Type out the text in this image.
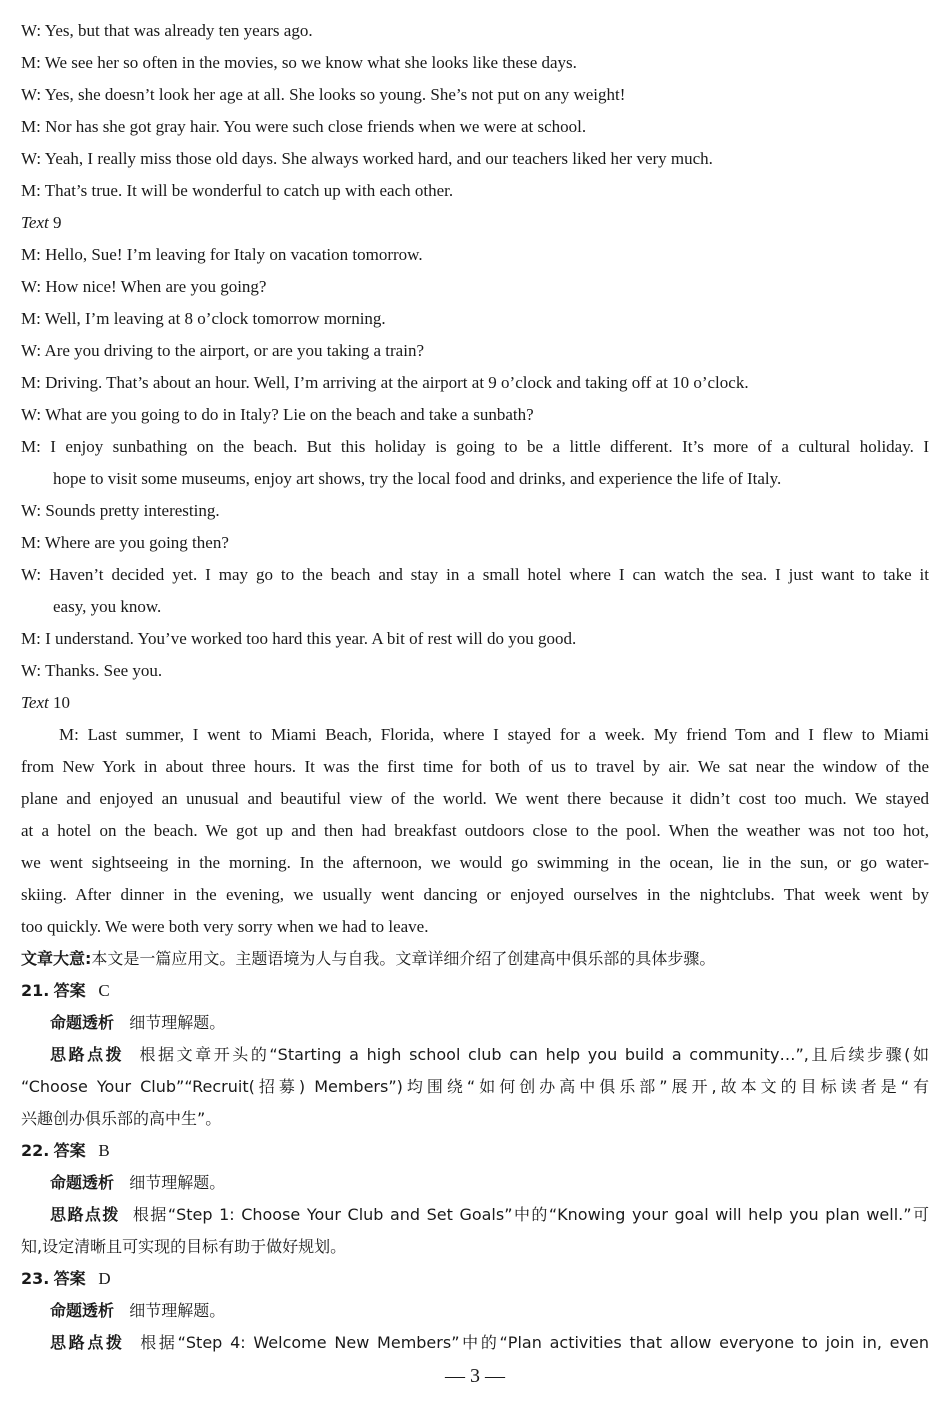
W: Yes, but that was already ten years ago.
M: We see her so often in the movies, so we know what she looks like these days.
W: Yes, she doesn’t look her age at all. She looks so young. She’s not put on any weight!
M: Nor has she got gray hair. You were such close friends when we were at school.
W: Yeah, I really miss those old days. She always worked hard, and our teachers liked her very much.
M: That’s true. It will be wonderful to catch up with each other.
Text 9
M: Hello, Sue! I’m leaving for Italy on vacation tomorrow.
W: How nice! When are you going?
M: Well, I’m leaving at 8 o’clock tomorrow morning.
W: Are you driving to the airport, or are you taking a train?
M: Driving. That’s about an hour. Well, I’m arriving at the airport at 9 o’clock and taking off at 10 o’clock.
W: What are you going to do in Italy? Lie on the beach and take a sunbath?
M: I enjoy sunbathing on the beach. But this holiday is going to be a little different. It’s more of a cultural holiday. I
hope to visit some museums, enjoy art shows, try the local food and drinks, and experience the life of Italy.
W: Sounds pretty interesting.
M: Where are you going then?
W: Haven’t decided yet. I may go to the beach and stay in a small hotel where I can watch the sea. I just want to take it
easy, you know.
M: I understand. You’ve worked too hard this year. A bit of rest will do you good.
W: Thanks. See you.
Text 10
M: Last summer, I went to Miami Beach, Florida, where I stayed for a week. My friend Tom and I flew to Miami
from New York in about three hours. It was the first time for both of us to travel by air. We sat near the window of the
plane and enjoyed an unusual and beautiful view of the world. We went there because it didn’t cost too much. We stayed
at a hotel on the beach. We got up and then had breakfast outdoors close to the pool. When the weather was not too hot,
we went sightseeing in the morning. In the afternoon, we would go swimming in the ocean, lie in the sun, or go water-
skiing. After dinner in the evening, we usually went dancing or enjoyed ourselves in the nightclubs. That week went by
too quickly. We were both very sorry when we had to leave.
文章大意:本文是一篇应用文。主题语境为人与自我。文章详细介绍了创建高中俱乐部的具体步骤。
21. 答案 C
命题透析 细节理解题。
思路点拨 根据文章开头的“Starting a high school club can help you build a community…”,且后续步骤(如
“Choose Your Club”“Recruit(招募) Members”)均围绕“如何创办高中俱乐部”展开,故本文的目标读者是“有
兴趣创办俱乐部的高中生”。
22. 答案 B
命题透析 细节理解题。
思路点拨 根据“Step 1: Choose Your Club and Set Goals”中的“Knowing your goal will help you plan well.”可
知,设定清晰且可实现的目标有助于做好规划。
23. 答案 D
命题透析 细节理解题。
思路点拨 根据“Step 4: Welcome New Members”中的“Plan activities that allow everyone to join in, even
— 3 —
